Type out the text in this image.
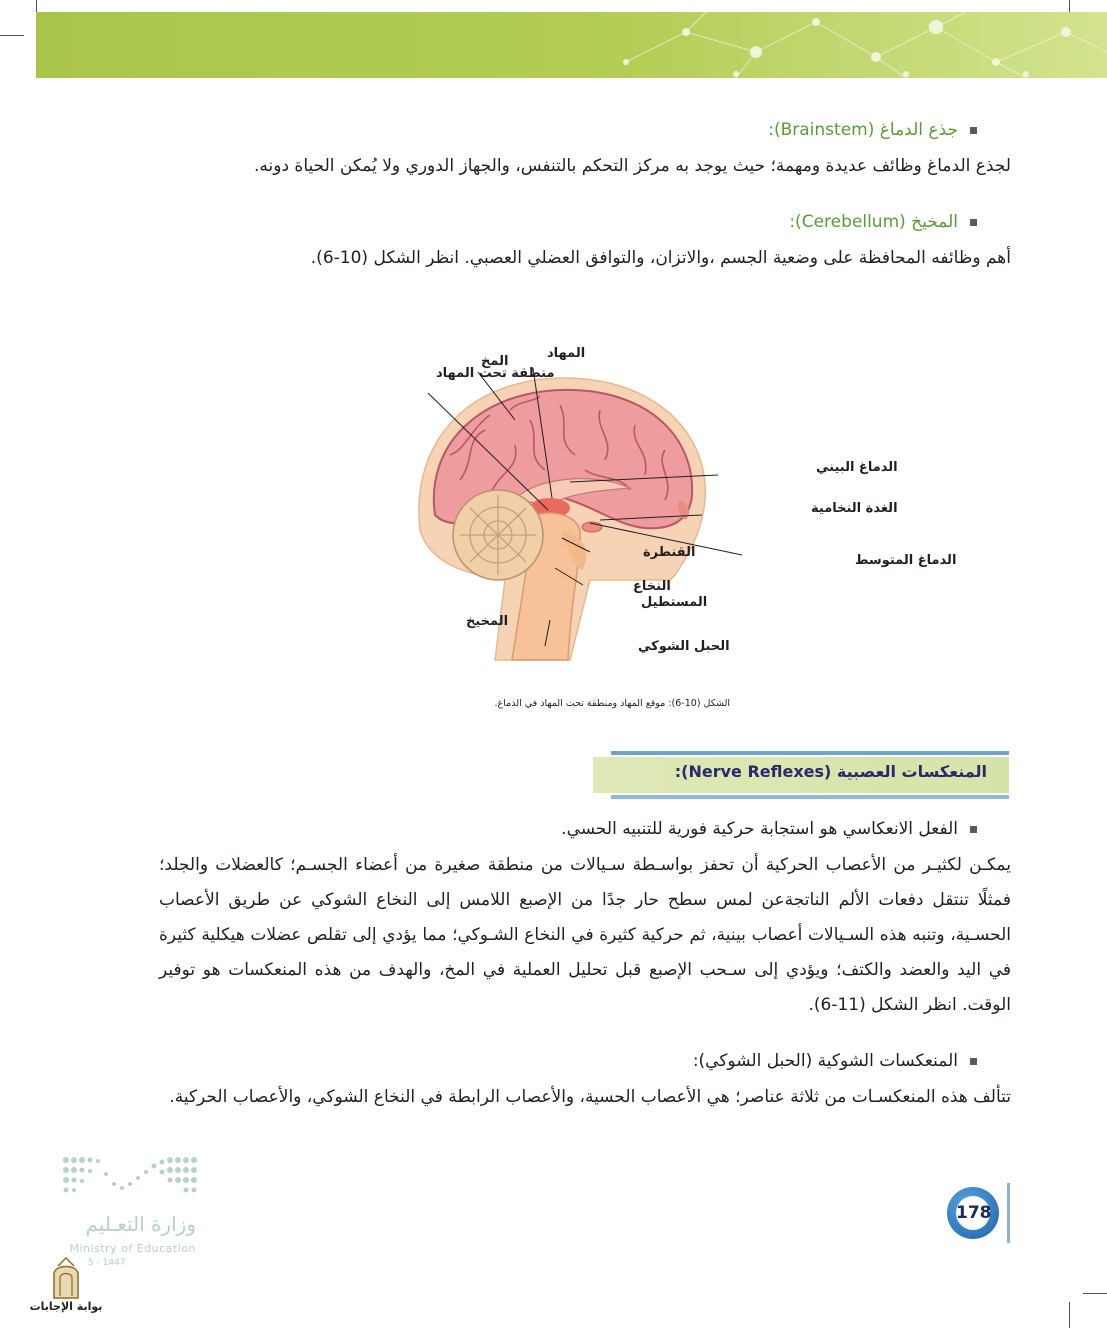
جذع الدماغ (Brainstem):
لجذع الدماغ وظائف عديدة ومهمة؛ حيث يوجد به مركز التحكم بالتنفس، والجهاز الدوري ولا يُمكن الحياة دونه.
المخيخ (Cerebellum):
أهم وظائفه المحافظة على وضعية الجسم ،والاتزان، والتوافق العضلي العصبي. انظر الشكل (10-6).
المهاد
المخ
منطقة تحت المهاد
الدماغ البيني
الغدة النخامية
الدماغ المتوسط
القنطرة
النخاع
المستطيل
المخيخ
الحبل الشوكي
الشكل (10-6): موقع المهاد ومنطقة تحت المهاد في الدماغ.
المنعكسات العصبية (Nerve Reflexes):
الفعل الانعكاسي هو استجابة حركية فورية للتنبيه الحسي.
يمكـن لكثيـر من الأعصاب الحركية أن تحفز بواسـطة سـيالات من منطقة صغيرة من أعضاء الجسـم؛ كالعضلات والجلد؛ فمثلًا تنتقل دفعات الألم الناتجةعن لمس سطح حار جدًا من الإصبع اللامس إلى النخاع الشوكي عن طريق الأعصاب الحسـية، وتنبه هذه السـيالات أعصاب بينية، ثم حركية كثيرة في النخاع الشـوكي؛ مما يؤدي إلى تقلص عضلات هيكلية كثيرة في اليد والعضد والكتف؛ ويؤدي إلى سـحب الإصبع قبل تحليل العملية في المخ، والهدف من هذه المنعكسات هو توفير الوقت. انظر الشكل (11-6).
المنعكسات الشوكية (الحبل الشوكي):
تتألف هذه المنعكسـات من ثلاثة عناصر؛ هي الأعصاب الحسية، والأعصاب الرابطة في النخاع الشوكي، والأعصاب الحركية.
وزارة التعـليم
Ministry of Education
5 - 1447
178
بوابة الإجابات
